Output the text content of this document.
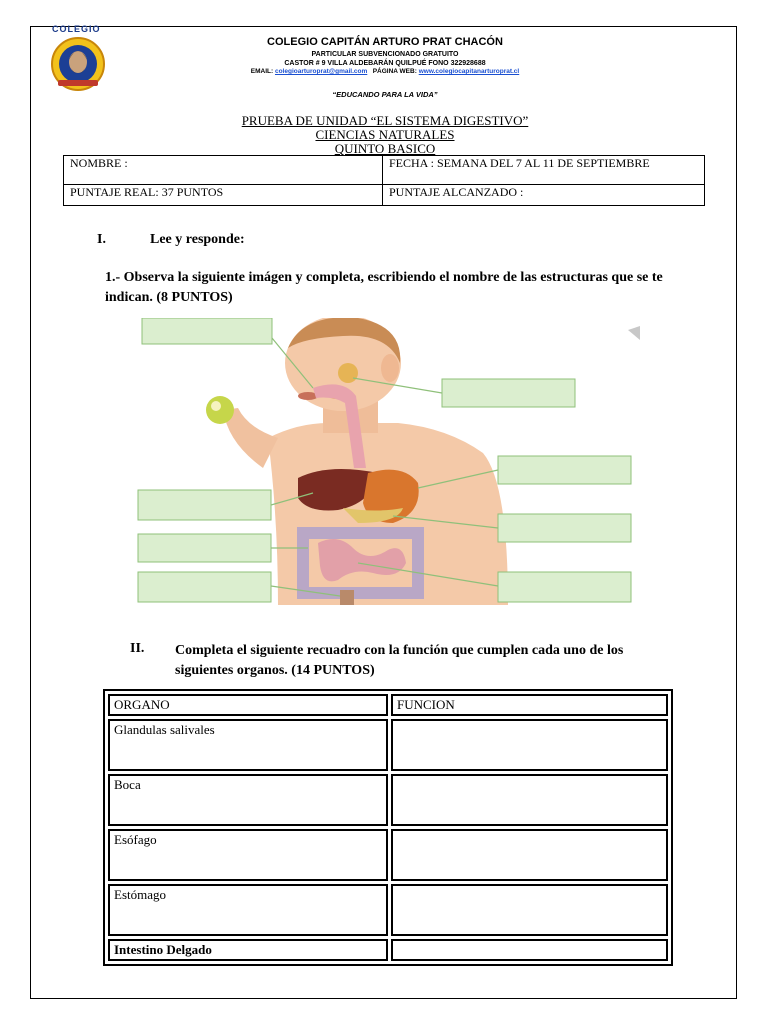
COLEGIO
COLEGIO CAPITÁN ARTURO PRAT CHACÓN
PARTICULAR SUBVENCIONADO GRATUITO
CASTOR # 9 VILLA ALDEBARÁN QUILPUÉ FONO 322928688
EMAIL: colegioarturoprat@gmail.com PÁGINA WEB: www.colegiocapitanarturoprat.cl
“EDUCANDO PARA LA VIDA”
PRUEBA DE UNIDAD “EL SISTEMA DIGESTIVO”
CIENCIAS NATURALES
QUINTO BASICO
NOMBRE :	FECHA : SEMANA DEL 7 AL 11 DE SEPTIEMBRE
PUNTAJE REAL: 37 PUNTOS	PUNTAJE ALCANZADO :
I.	Lee y responde:
1.- Observa la siguiente imágen y completa, escribiendo el nombre de las estructuras que se te indican. (8 PUNTOS)
II. Completa el siguiente recuadro con la función que cumplen cada uno de los siguientes organos. (14 PUNTOS)
ORGANO	FUNCION
Glandulas salivales	
Boca	
Esófago	
Estómago	
Intestino Delgado	
